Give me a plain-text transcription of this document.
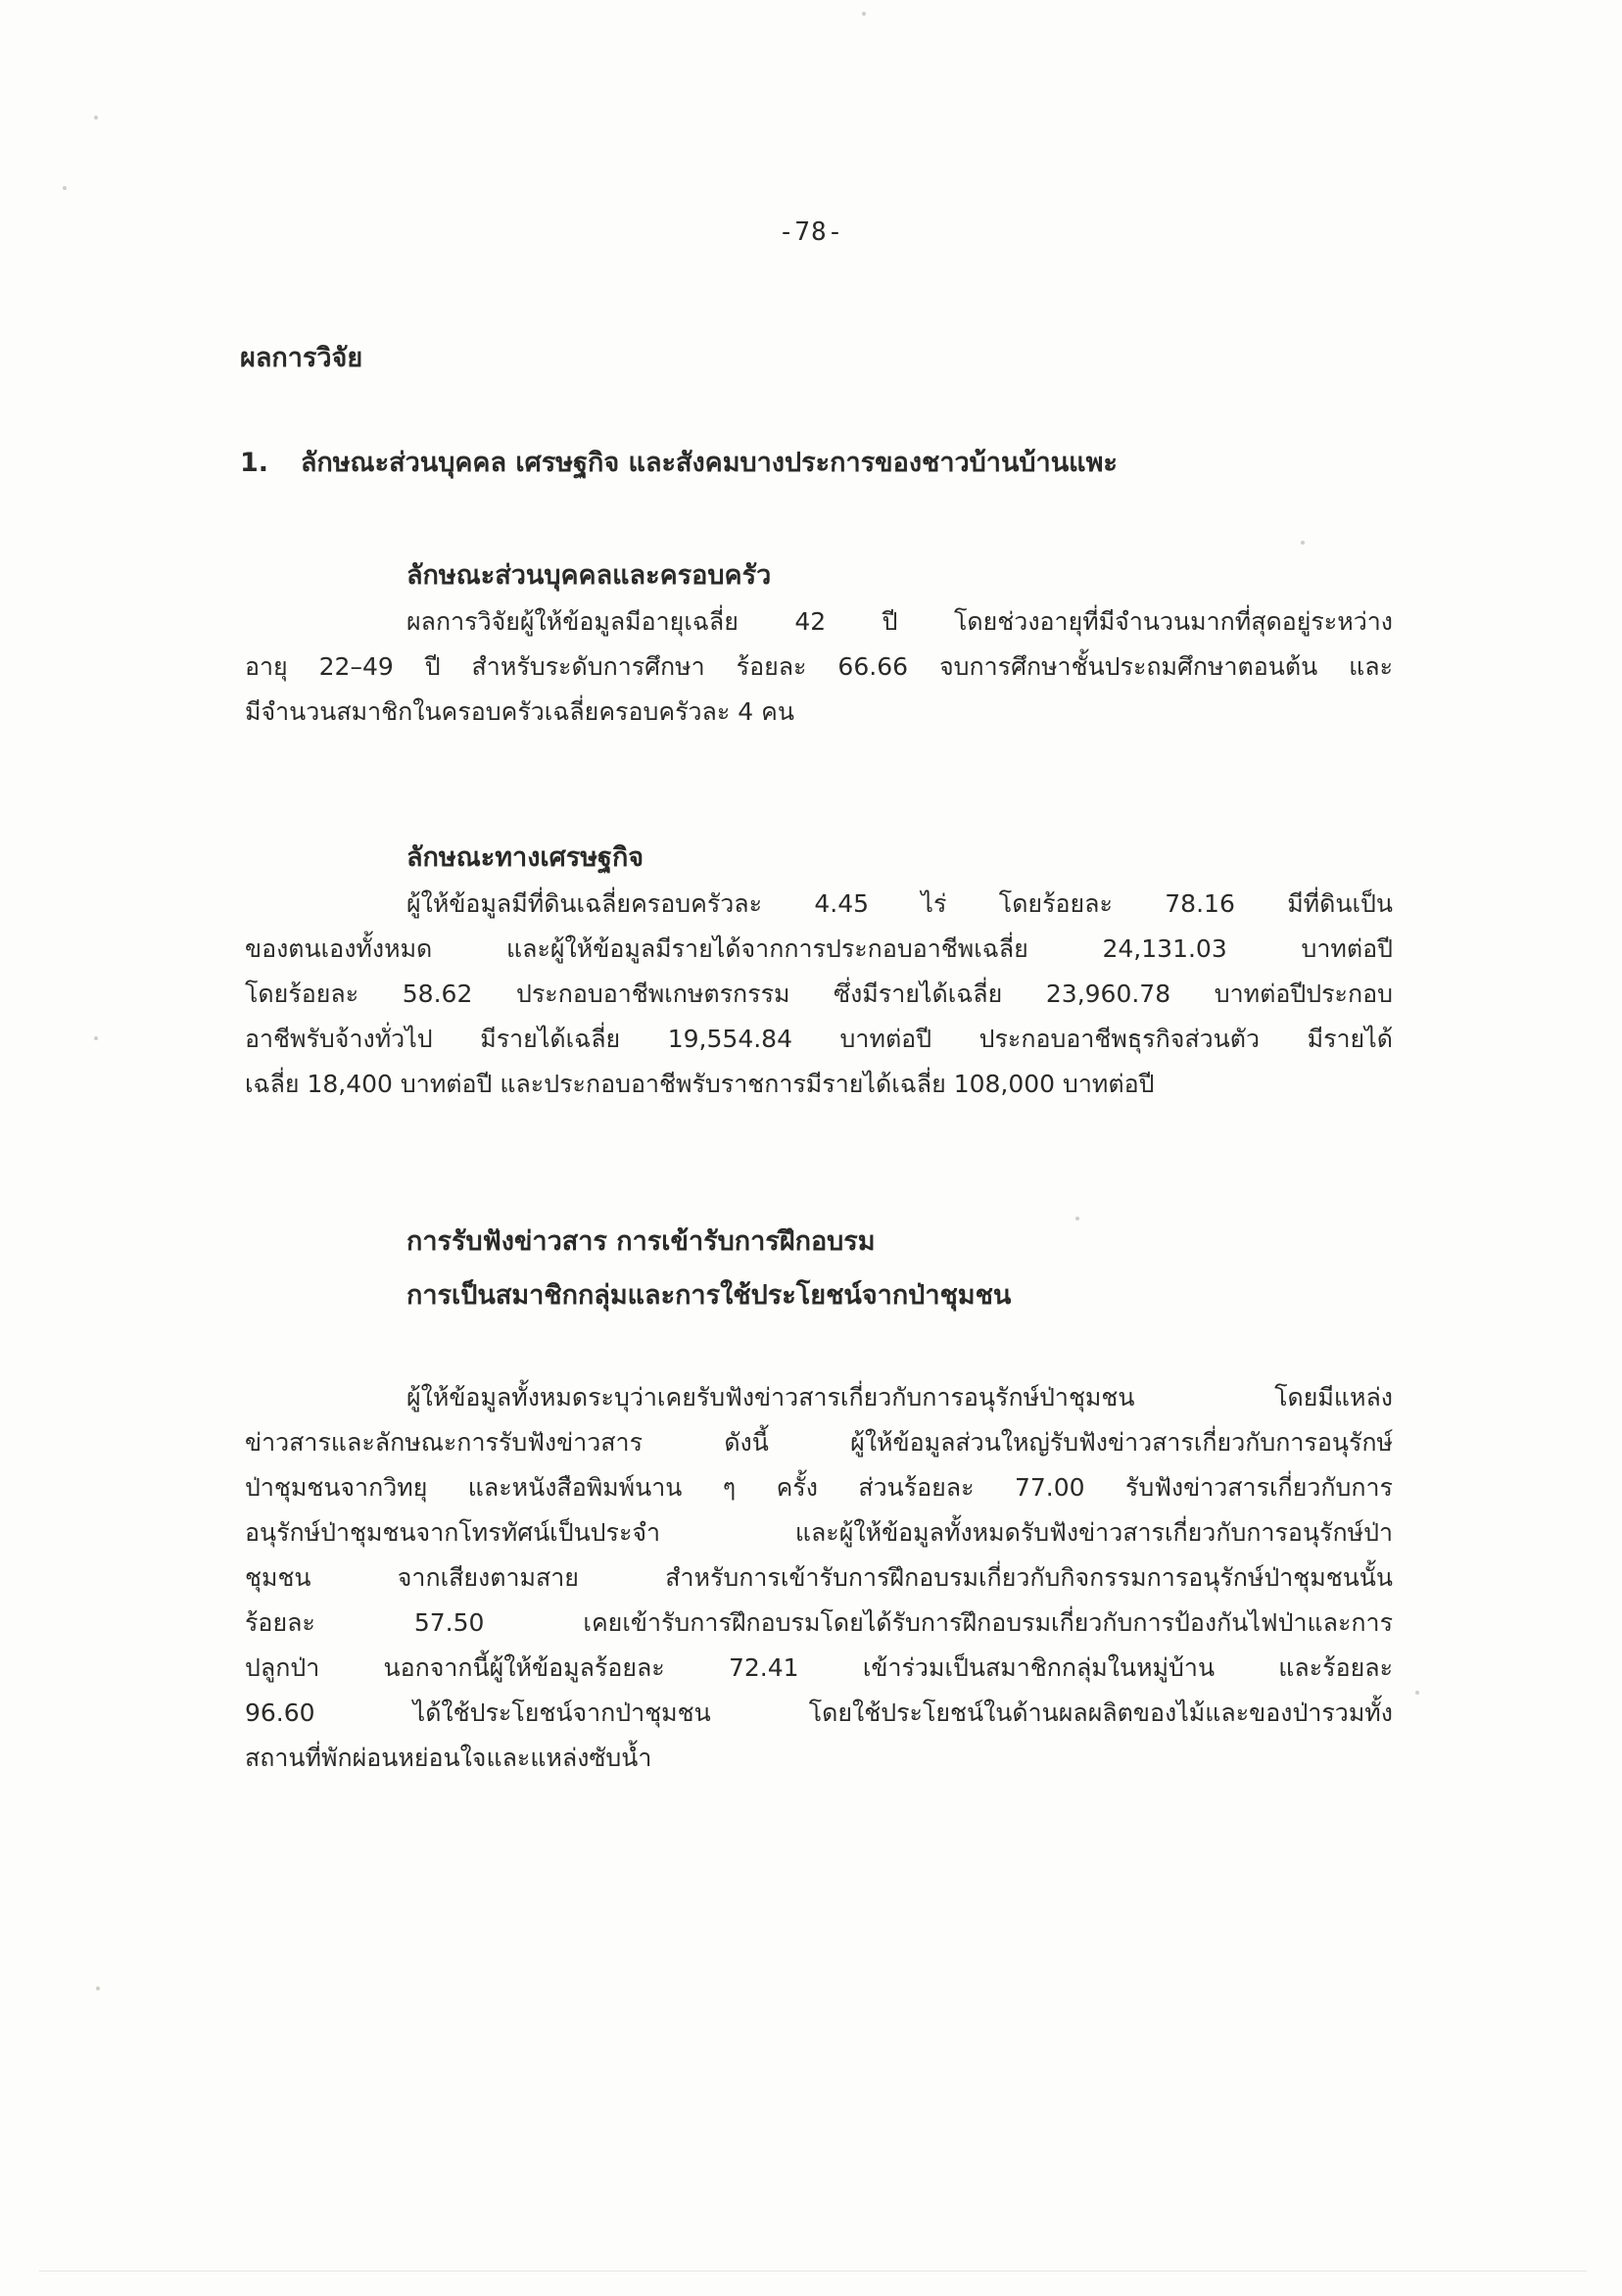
-78-
ผลการวิจัย
1. ลักษณะส่วนบุคคล เศรษฐกิจ และสังคมบางประการของชาวบ้านบ้านแพะ
ลักษณะส่วนบุคคลและครอบครัว
ผลการวิจัยผู้ให้ข้อมูลมีอายุเฉลี่ย 42 ปี โดยช่วงอายุที่มีจำนวนมากที่สุดอยู่ระหว่าง
อายุ 22–49 ปี สำหรับระดับการศึกษา ร้อยละ 66.66 จบการศึกษาชั้นประถมศึกษาตอนต้น และ
มีจำนวนสมาชิกในครอบครัวเฉลี่ยครอบครัวละ 4 คน
ลักษณะทางเศรษฐกิจ
ผู้ให้ข้อมูลมีที่ดินเฉลี่ยครอบครัวละ 4.45 ไร่ โดยร้อยละ 78.16 มีที่ดินเป็น
ของตนเองทั้งหมด และผู้ให้ข้อมูลมีรายได้จากการประกอบอาชีพเฉลี่ย 24,131.03 บาทต่อปี
โดยร้อยละ 58.62 ประกอบอาชีพเกษตรกรรม ซึ่งมีรายได้เฉลี่ย 23,960.78 บาทต่อปีประกอบ
อาชีพรับจ้างทั่วไป มีรายได้เฉลี่ย 19,554.84 บาทต่อปี ประกอบอาชีพธุรกิจส่วนตัว มีรายได้
เฉลี่ย 18,400 บาทต่อปี และประกอบอาชีพรับราชการมีรายได้เฉลี่ย 108,000 บาทต่อปี
การรับฟังข่าวสาร การเข้ารับการฝึกอบรม
การเป็นสมาชิกกลุ่มและการใช้ประโยชน์จากป่าชุมชน
ผู้ให้ข้อมูลทั้งหมดระบุว่าเคยรับฟังข่าวสารเกี่ยวกับการอนุรักษ์ป่าชุมชน โดยมีแหล่ง
ข่าวสารและลักษณะการรับฟังข่าวสาร ดังนี้ ผู้ให้ข้อมูลส่วนใหญ่รับฟังข่าวสารเกี่ยวกับการอนุรักษ์
ป่าชุมชนจากวิทยุ และหนังสือพิมพ์นาน ๆ ครั้ง ส่วนร้อยละ 77.00 รับฟังข่าวสารเกี่ยวกับการ
อนุรักษ์ป่าชุมชนจากโทรทัศน์เป็นประจำ และผู้ให้ข้อมูลทั้งหมดรับฟังข่าวสารเกี่ยวกับการอนุรักษ์ป่า
ชุมชน จากเสียงตามสาย สำหรับการเข้ารับการฝึกอบรมเกี่ยวกับกิจกรรมการอนุรักษ์ป่าชุมชนนั้น
ร้อยละ 57.50 เคยเข้ารับการฝึกอบรมโดยได้รับการฝึกอบรมเกี่ยวกับการป้องกันไฟป่าและการ
ปลูกป่า นอกจากนี้ผู้ให้ข้อมูลร้อยละ 72.41 เข้าร่วมเป็นสมาชิกกลุ่มในหมู่บ้าน และร้อยละ
96.60 ได้ใช้ประโยชน์จากป่าชุมชน โดยใช้ประโยชน์ในด้านผลผลิตของไม้และของป่ารวมทั้ง
สถานที่พักผ่อนหย่อนใจและแหล่งซับน้ำ
